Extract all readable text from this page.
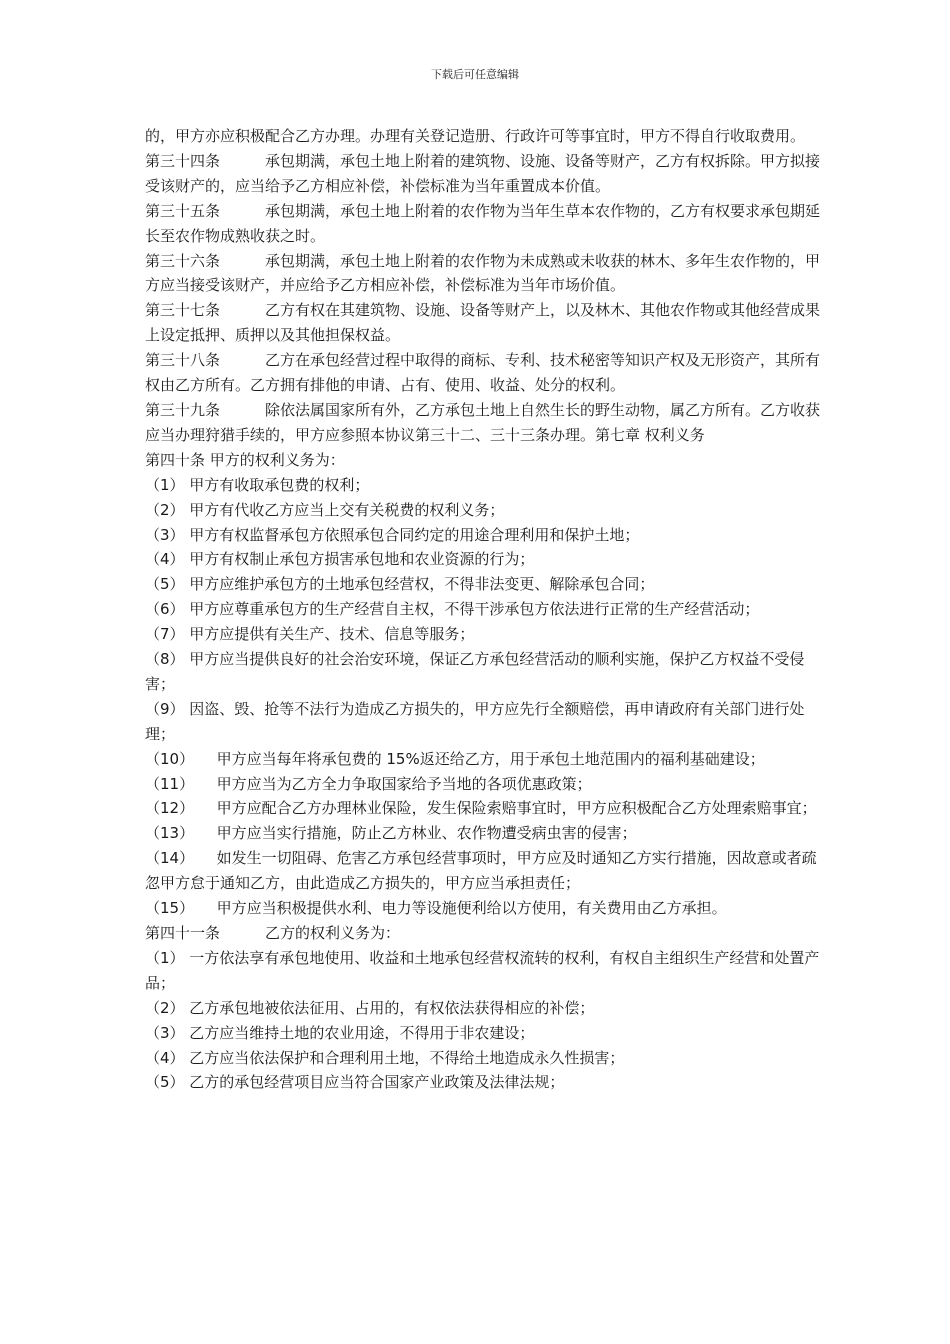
下载后可任意编辑

的，甲方亦应积极配合乙方办理。办理有关登记造册、行政许可等事宜时，甲方不得自行收取费用。

第三十四条　　　承包期满，承包土地上附着的建筑物、设施、设备等财产，乙方有权拆除。甲方拟接受该财产的，应当给予乙方相应补偿，补偿标准为当年重置成本价值。

第三十五条　　　承包期满，承包土地上附着的农作物为当年生草本农作物的，乙方有权要求承包期延长至农作物成熟收获之时。

第三十六条　　　承包期满，承包土地上附着的农作物为未成熟或未收获的林木、多年生农作物的，甲方应当接受该财产，并应给予乙方相应补偿，补偿标准为当年市场价值。

第三十七条　　　乙方有权在其建筑物、设施、设备等财产上，以及林木、其他农作物或其他经营成果上设定抵押、质押以及其他担保权益。

第三十八条　　　乙方在承包经营过程中取得的商标、专利、技术秘密等知识产权及无形资产，其所有权由乙方所有。乙方拥有排他的申请、占有、使用、收益、处分的权利。

第三十九条　　　除依法属国家所有外，乙方承包土地上自然生长的野生动物，属乙方所有。乙方收获应当办理狩猎手续的，甲方应参照本协议第三十二、三十三条办理。第七章 权利义务

第四十条 甲方的权利义务为：

（1） 甲方有收取承包费的权利；

（2） 甲方有代收乙方应当上交有关税费的权利义务；

（3） 甲方有权监督承包方依照承包合同约定的用途合理利用和保护土地；

（4） 甲方有权制止承包方损害承包地和农业资源的行为；

（5） 甲方应维护承包方的土地承包经营权，不得非法变更、解除承包合同；

（6） 甲方应尊重承包方的生产经营自主权，不得干涉承包方依法进行正常的生产经营活动；

（7） 甲方应提供有关生产、技术、信息等服务；

（8） 甲方应当提供良好的社会治安环境，保证乙方承包经营活动的顺利实施，保护乙方权益不受侵害；

（9） 因盗、毁、抢等不法行为造成乙方损失的，甲方应先行全额赔偿，再申请政府有关部门进行处理；

（10）　　甲方应当每年将承包费的 15%返还给乙方，用于承包土地范围内的福利基础建设；

（11）　　甲方应当为乙方全力争取国家给予当地的各项优惠政策；

（12）　　甲方应配合乙方办理林业保险，发生保险索赔事宜时，甲方应积极配合乙方处理索赔事宜；

（13）　　甲方应当实行措施，防止乙方林业、农作物遭受病虫害的侵害；

（14）　　如发生一切阻碍、危害乙方承包经营事项时，甲方应及时通知乙方实行措施，因故意或者疏忽甲方怠于通知乙方，由此造成乙方损失的，甲方应当承担责任；

（15）　　甲方应当积极提供水利、电力等设施便利给以方使用，有关费用由乙方承担。

第四十一条　　　乙方的权利义务为：

（1） 一方依法享有承包地使用、收益和土地承包经营权流转的权利，有权自主组织生产经营和处置产品；

（2） 乙方承包地被依法征用、占用的，有权依法获得相应的补偿；

（3） 乙方应当维持土地的农业用途，不得用于非农建设；

（4） 乙方应当依法保护和合理利用土地，不得给土地造成永久性损害；

（5） 乙方的承包经营项目应当符合国家产业政策及法律法规；
